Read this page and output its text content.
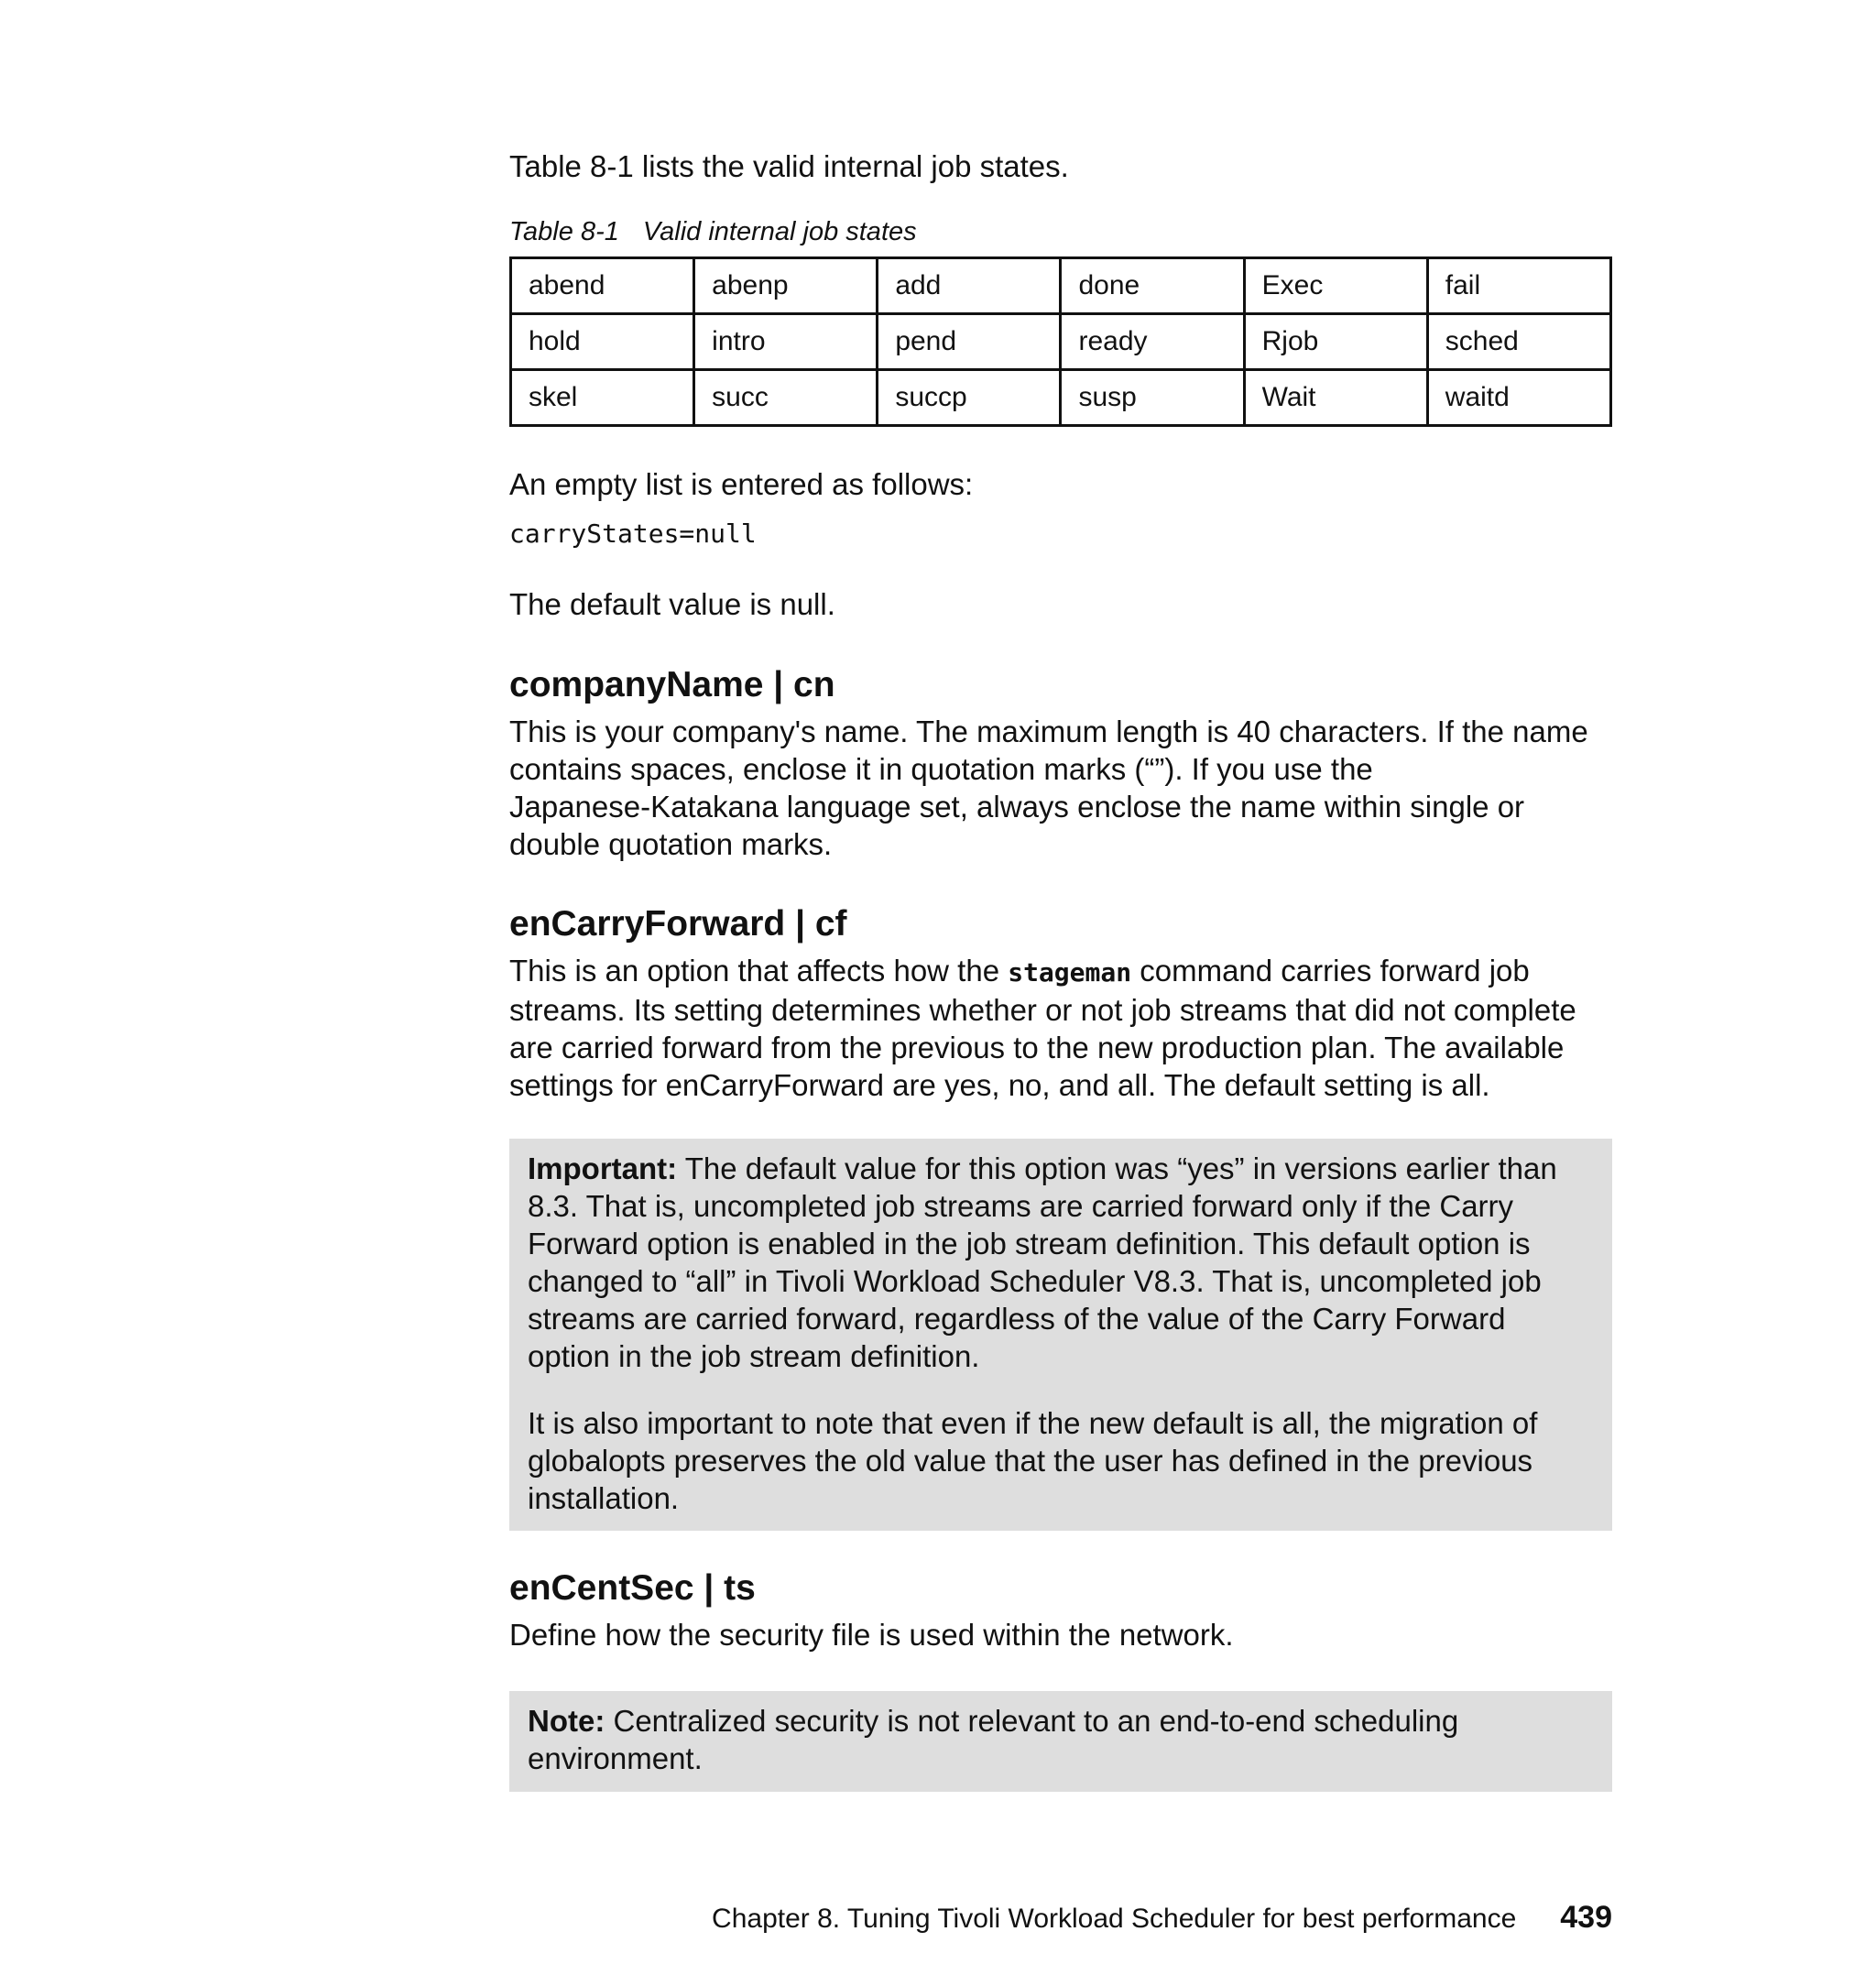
Table 8-1 lists the valid internal job states.

Table 8-1 Valid internal job states
abend	abenp	add	done	Exec	fail
hold	intro	pend	ready	Rjob	sched
skel	succ	succp	susp	Wait	waitd

An empty list is entered as follows:

carryStates=null

The default value is null.

companyName | cn
This is your company's name. The maximum length is 40 characters. If the name
contains spaces, enclose it in quotation marks (“”). If you use the
Japanese-Katakana language set, always enclose the name within single or
double quotation marks.
enCarryForward | cf
This is an option that affects how the stageman command carries forward job
streams. Its setting determines whether or not job streams that did not complete
are carried forward from the previous to the new production plan. The available
settings for enCarryForward are yes, no, and all. The default setting is all.
Important: The default value for this option was “yes” in versions earlier than
8.3. That is, uncompleted job streams are carried forward only if the Carry
Forward option is enabled in the job stream definition. This default option is
changed to “all” in Tivoli Workload Scheduler V8.3. That is, uncompleted job
streams are carried forward, regardless of the value of the Carry Forward
option in the job stream definition.
It is also important to note that even if the new default is all, the migration of
globalopts preserves the old value that the user has defined in the previous
installation.
enCentSec | ts

Define how the security file is used within the network.

Note: Centralized security is not relevant to an end-to-end scheduling
environment.
Chapter 8. Tuning Tivoli Workload Scheduler for best performance 439
